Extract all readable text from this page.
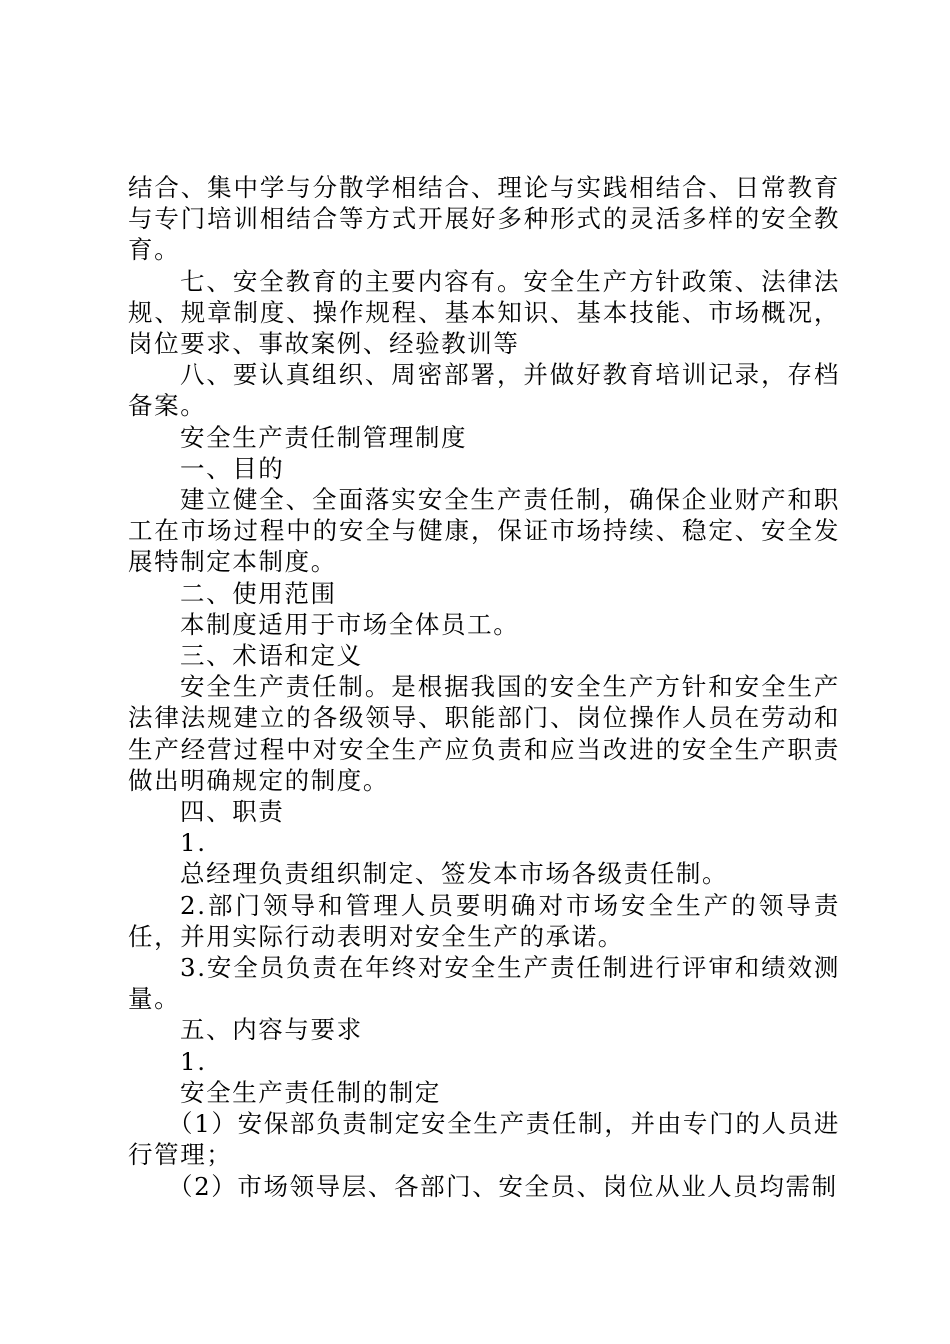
结合、集中学与分散学相结合、理论与实践相结合、日常教育与专门培训相结合等方式开展好多种形式的灵活多样的安全教育。

七、安全教育的主要内容有。安全生产方针政策、法律法规、规章制度、操作规程、基本知识、基本技能、市场概况，岗位要求、事故案例、经验教训等

八、要认真组织、周密部署，并做好教育培训记录，存档备案。

安全生产责任制管理制度

一、目的

建立健全、全面落实安全生产责任制，确保企业财产和职工在市场过程中的安全与健康，保证市场持续、稳定、安全发展特制定本制度。

二、使用范围

本制度适用于市场全体员工。

三、术语和定义

安全生产责任制。是根据我国的安全生产方针和安全生产法律法规建立的各级领导、职能部门、岗位操作人员在劳动和生产经营过程中对安全生产应负责和应当改进的安全生产职责做出明确规定的制度。

四、职责

1.

总经理负责组织制定、签发本市场各级责任制。

2.部门领导和管理人员要明确对市场安全生产的领导责任，并用实际行动表明对安全生产的承诺。

3.安全员负责在年终对安全生产责任制进行评审和绩效测量。

五、内容与要求

1.

安全生产责任制的制定

（1）安保部负责制定安全生产责任制，并由专门的人员进行管理；

（2）市场领导层、各部门、安全员、岗位从业人员均需制
